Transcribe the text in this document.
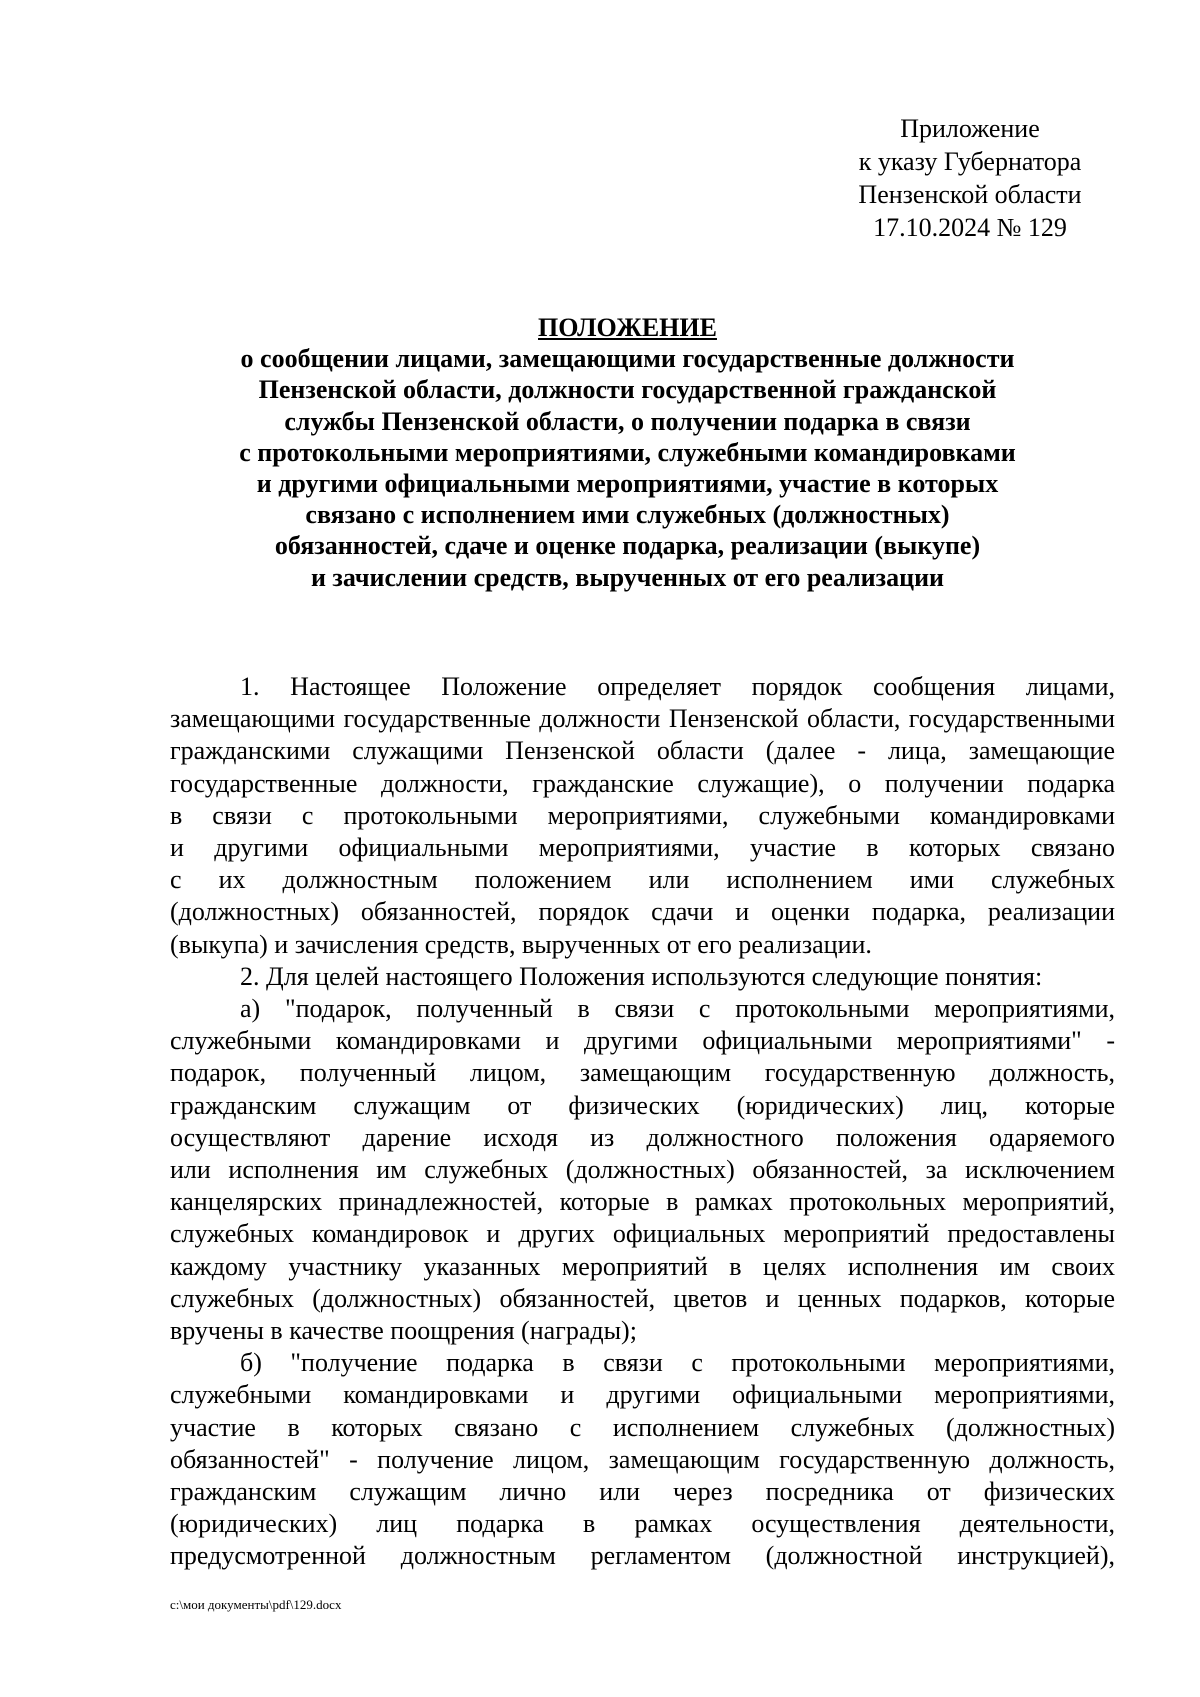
Приложение
к указу Губернатора
Пензенской области
17.10.2024 № 129
ПОЛОЖЕНИЕ
о сообщении лицами, замещающими государственные должности
Пензенской области, должности государственной гражданской
службы Пензенской области, о получении подарка в связи
с протокольными мероприятиями, служебными командировками
и другими официальными мероприятиями, участие в которых
связано с исполнением ими служебных (должностных)
обязанностей, сдаче и оценке подарка, реализации (выкупе)
и зачислении средств, вырученных от его реализации
1. Настоящее Положение определяет порядок сообщения лицами,
замещающими государственные должности Пензенской области, государственными
гражданскими служащими Пензенской области (далее - лица, замещающие
государственные должности, гражданские служащие), о получении подарка
в связи с протокольными мероприятиями, служебными командировками
и другими официальными мероприятиями, участие в которых связано
с их должностным положением или исполнением ими служебных
(должностных) обязанностей, порядок сдачи и оценки подарка, реализации
(выкупа) и зачисления средств, вырученных от его реализации.
2. Для целей настоящего Положения используются следующие понятия:
а) "подарок, полученный в связи с протокольными мероприятиями,
служебными командировками и другими официальными мероприятиями" -
подарок, полученный лицом, замещающим государственную должность,
гражданским служащим от физических (юридических) лиц, которые
осуществляют дарение исходя из должностного положения одаряемого
или исполнения им служебных (должностных) обязанностей, за исключением
канцелярских принадлежностей, которые в рамках протокольных мероприятий,
служебных командировок и других официальных мероприятий предоставлены
каждому участнику указанных мероприятий в целях исполнения им своих
служебных (должностных) обязанностей, цветов и ценных подарков, которые
вручены в качестве поощрения (награды);
б) "получение подарка в связи с протокольными мероприятиями,
служебными командировками и другими официальными мероприятиями,
участие в которых связано с исполнением служебных (должностных)
обязанностей" - получение лицом, замещающим государственную должность,
гражданским служащим лично или через посредника от физических
(юридических) лиц подарка в рамках осуществления деятельности,
предусмотренной должностным регламентом (должностной инструкцией),
c:\мои документы\pdf\129.docx
